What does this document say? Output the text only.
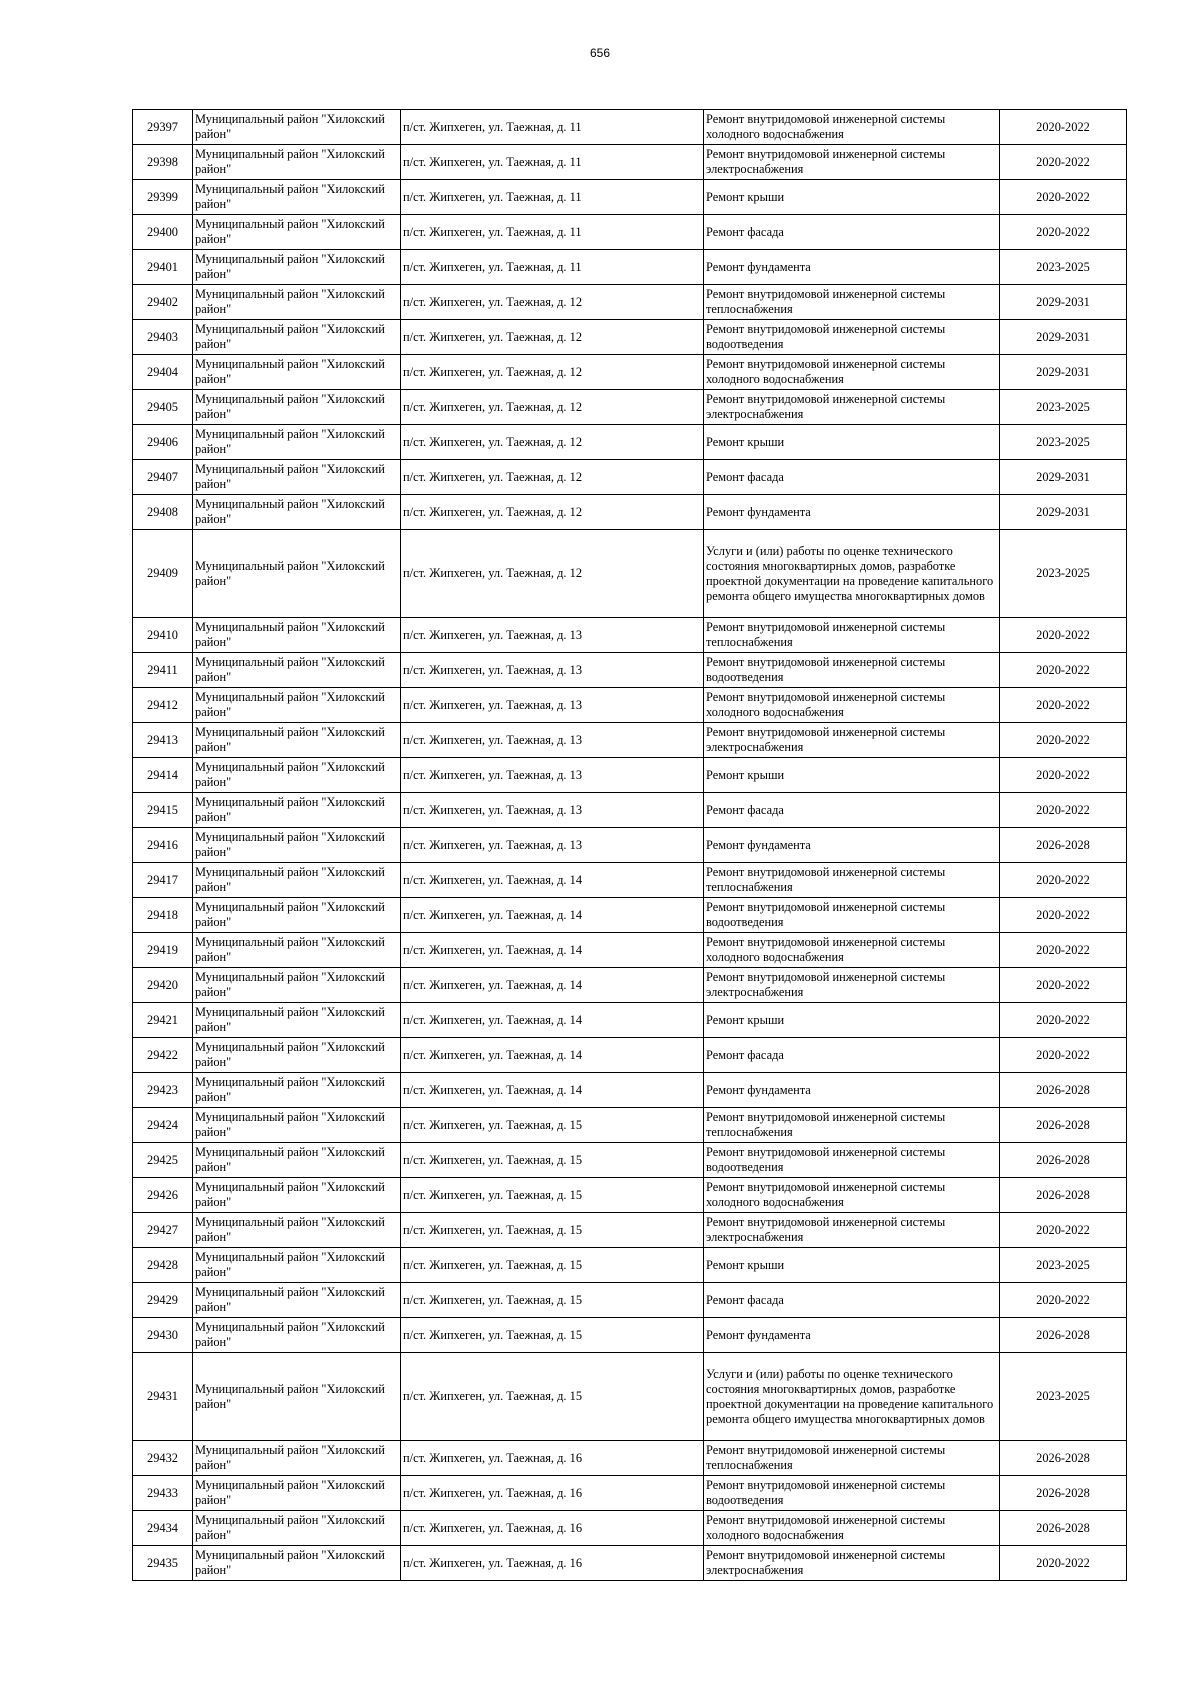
656
29397	Муниципальный район "Хилокский район"	п/ст. Жипхеген, ул. Таежная, д. 11	Ремонт внутридомовой инженерной системы холодного водоснабжения	2020-2022
29398	Муниципальный район "Хилокский район"	п/ст. Жипхеген, ул. Таежная, д. 11	Ремонт внутридомовой инженерной системы электроснабжения	2020-2022
29399	Муниципальный район "Хилокский район"	п/ст. Жипхеген, ул. Таежная, д. 11	Ремонт крыши	2020-2022
29400	Муниципальный район "Хилокский район"	п/ст. Жипхеген, ул. Таежная, д. 11	Ремонт фасада	2020-2022
29401	Муниципальный район "Хилокский район"	п/ст. Жипхеген, ул. Таежная, д. 11	Ремонт фундамента	2023-2025
29402	Муниципальный район "Хилокский район"	п/ст. Жипхеген, ул. Таежная, д. 12	Ремонт внутридомовой инженерной системы теплоснабжения	2029-2031
29403	Муниципальный район "Хилокский район"	п/ст. Жипхеген, ул. Таежная, д. 12	Ремонт внутридомовой инженерной системы водоотведения	2029-2031
29404	Муниципальный район "Хилокский район"	п/ст. Жипхеген, ул. Таежная, д. 12	Ремонт внутридомовой инженерной системы холодного водоснабжения	2029-2031
29405	Муниципальный район "Хилокский район"	п/ст. Жипхеген, ул. Таежная, д. 12	Ремонт внутридомовой инженерной системы электроснабжения	2023-2025
29406	Муниципальный район "Хилокский район"	п/ст. Жипхеген, ул. Таежная, д. 12	Ремонт крыши	2023-2025
29407	Муниципальный район "Хилокский район"	п/ст. Жипхеген, ул. Таежная, д. 12	Ремонт фасада	2029-2031
29408	Муниципальный район "Хилокский район"	п/ст. Жипхеген, ул. Таежная, д. 12	Ремонт фундамента	2029-2031
29409	Муниципальный район "Хилокский район"	п/ст. Жипхеген, ул. Таежная, д. 12	Услуги и (или) работы по оценке технического состояния многоквартирных домов, разработке проектной документации на проведение капитального ремонта общего имущества многоквартирных домов	2023-2025
29410	Муниципальный район "Хилокский район"	п/ст. Жипхеген, ул. Таежная, д. 13	Ремонт внутридомовой инженерной системы теплоснабжения	2020-2022
29411	Муниципальный район "Хилокский район"	п/ст. Жипхеген, ул. Таежная, д. 13	Ремонт внутридомовой инженерной системы водоотведения	2020-2022
29412	Муниципальный район "Хилокский район"	п/ст. Жипхеген, ул. Таежная, д. 13	Ремонт внутридомовой инженерной системы холодного водоснабжения	2020-2022
29413	Муниципальный район "Хилокский район"	п/ст. Жипхеген, ул. Таежная, д. 13	Ремонт внутридомовой инженерной системы электроснабжения	2020-2022
29414	Муниципальный район "Хилокский район"	п/ст. Жипхеген, ул. Таежная, д. 13	Ремонт крыши	2020-2022
29415	Муниципальный район "Хилокский район"	п/ст. Жипхеген, ул. Таежная, д. 13	Ремонт фасада	2020-2022
29416	Муниципальный район "Хилокский район"	п/ст. Жипхеген, ул. Таежная, д. 13	Ремонт фундамента	2026-2028
29417	Муниципальный район "Хилокский район"	п/ст. Жипхеген, ул. Таежная, д. 14	Ремонт внутридомовой инженерной системы теплоснабжения	2020-2022
29418	Муниципальный район "Хилокский район"	п/ст. Жипхеген, ул. Таежная, д. 14	Ремонт внутридомовой инженерной системы водоотведения	2020-2022
29419	Муниципальный район "Хилокский район"	п/ст. Жипхеген, ул. Таежная, д. 14	Ремонт внутридомовой инженерной системы холодного водоснабжения	2020-2022
29420	Муниципальный район "Хилокский район"	п/ст. Жипхеген, ул. Таежная, д. 14	Ремонт внутридомовой инженерной системы электроснабжения	2020-2022
29421	Муниципальный район "Хилокский район"	п/ст. Жипхеген, ул. Таежная, д. 14	Ремонт крыши	2020-2022
29422	Муниципальный район "Хилокский район"	п/ст. Жипхеген, ул. Таежная, д. 14	Ремонт фасада	2020-2022
29423	Муниципальный район "Хилокский район"	п/ст. Жипхеген, ул. Таежная, д. 14	Ремонт фундамента	2026-2028
29424	Муниципальный район "Хилокский район"	п/ст. Жипхеген, ул. Таежная, д. 15	Ремонт внутридомовой инженерной системы теплоснабжения	2026-2028
29425	Муниципальный район "Хилокский район"	п/ст. Жипхеген, ул. Таежная, д. 15	Ремонт внутридомовой инженерной системы водоотведения	2026-2028
29426	Муниципальный район "Хилокский район"	п/ст. Жипхеген, ул. Таежная, д. 15	Ремонт внутридомовой инженерной системы холодного водоснабжения	2026-2028
29427	Муниципальный район "Хилокский район"	п/ст. Жипхеген, ул. Таежная, д. 15	Ремонт внутридомовой инженерной системы электроснабжения	2020-2022
29428	Муниципальный район "Хилокский район"	п/ст. Жипхеген, ул. Таежная, д. 15	Ремонт крыши	2023-2025
29429	Муниципальный район "Хилокский район"	п/ст. Жипхеген, ул. Таежная, д. 15	Ремонт фасада	2020-2022
29430	Муниципальный район "Хилокский район"	п/ст. Жипхеген, ул. Таежная, д. 15	Ремонт фундамента	2026-2028
29431	Муниципальный район "Хилокский район"	п/ст. Жипхеген, ул. Таежная, д. 15	Услуги и (или) работы по оценке технического состояния многоквартирных домов, разработке проектной документации на проведение капитального ремонта общего имущества многоквартирных домов	2023-2025
29432	Муниципальный район "Хилокский район"	п/ст. Жипхеген, ул. Таежная, д. 16	Ремонт внутридомовой инженерной системы теплоснабжения	2026-2028
29433	Муниципальный район "Хилокский район"	п/ст. Жипхеген, ул. Таежная, д. 16	Ремонт внутридомовой инженерной системы водоотведения	2026-2028
29434	Муниципальный район "Хилокский район"	п/ст. Жипхеген, ул. Таежная, д. 16	Ремонт внутридомовой инженерной системы холодного водоснабжения	2026-2028
29435	Муниципальный район "Хилокский район"	п/ст. Жипхеген, ул. Таежная, д. 16	Ремонт внутридомовой инженерной системы электроснабжения	2020-2022
